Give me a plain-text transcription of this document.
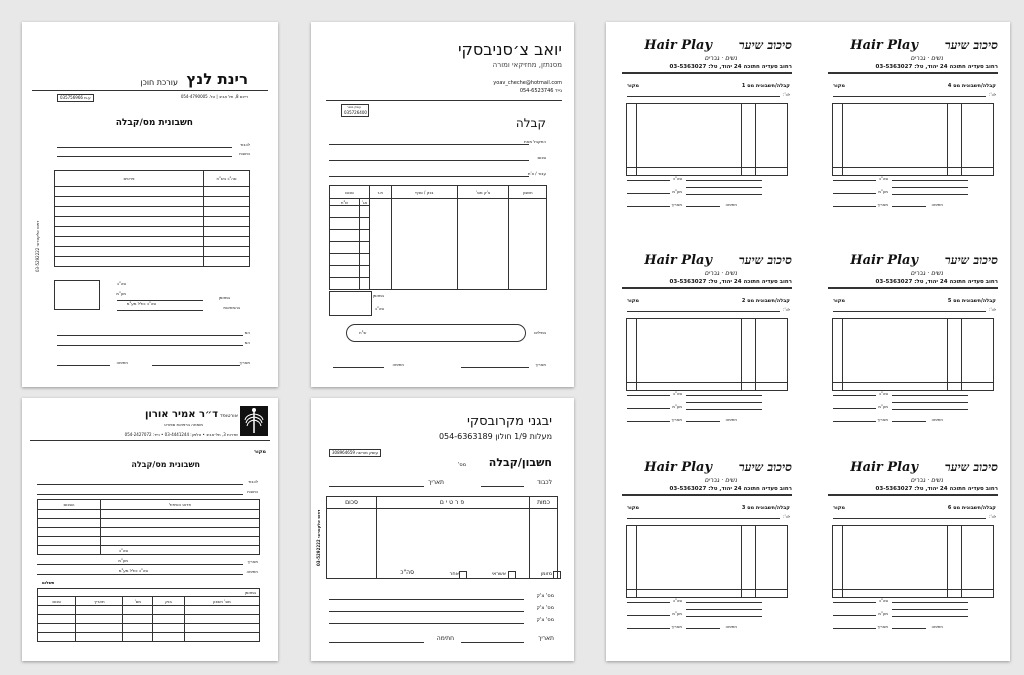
רינת לנץ
עורכת חוכן
ריינס 8, תל אביב | טל. 054-4790005
ע.מ 035756966
חשבונית מס/קבלה
לכבוד
כתובת
סה"כ בש"ח	פרטים

סה"כ
מע"מ
סה"כ כולל מע"מ
במזומן
בהמחאות
המ
המ
תאריך
חתימה
דפוס אלקטרוני 03-5292222
יואב צ׳סניבסקי
מסנתזן, מחזיקאי ומורה
yoav_cheche@hotmail.com
נייד 054-6523746
עוסק פטור
035726400
קבלה
התקבל מאת
סכום
עבור / צ'ת
חשבון	צ'ק מס'	בנק / סניף	ת.ז	סכום	
				אג'	ש"ח

במזומן
סה"כ
ש"ח	במילים
תאריך
חתימה
ד״ר אמיר אורון אורטופד
מומחה ברפואת ספורט
שדרות 3, תל-אביב • טלפון: 03-4441244 • נייד: 054-2427072
מקור
חשבונית מס/קבלה
לכבוד
כתובת
פרוט הטיפול	הסכום

סה"כ
מע"מ
סה"כ כולל מע"מ
תאריך
חתימה
תשלום
במזומן				
מס' חשבון	בנק	מס'	תאריך	סכום

יבגני מקרובסקי
מעלות 1/9 חולון 054-6363189
עוסק מורשה 308964659
חשבון/קבלה
מס'
לכבוד
תאריך
כמות	פרטים	סכום

סה"כ	מזומן
אשראי
אחר
מס' צ'ק
מס' צ'ק
מס' צ'ק
תאריך
חתימה
דפוס אלקטרוני 03-5292222
סיכוב שיער
Hair Play
נשים · גברים
רחוב סעדיה חתוכה 24 יהוד, טל: 03-5363027
קבלה/חשבונית מס 1
מקור
לכ':

סה"כ
מע"מ
תאריך	חתימה
סיכוב שיער
Hair Play
נשים · גברים
רחוב סעדיה חתוכה 24 יהוד, טל: 03-5363027
קבלה/חשבונית מס 4
מקור
לכ':

סה"כ
מע"מ
תאריך	חתימה
סיכוב שיער
Hair Play
נשים · גברים
רחוב סעדיה חתוכה 24 יהוד, טל: 03-5363027
קבלה/חשבונית מס 2
מקור
לכ':

סה"כ
מע"מ
תאריך	חתימה
סיכוב שיער
Hair Play
נשים · גברים
רחוב סעדיה חתוכה 24 יהוד, טל: 03-5363027
קבלה/חשבונית מס 5
מקור
לכ':

סה"כ
מע"מ
תאריך	חתימה
סיכוב שיער
Hair Play
נשים · גברים
רחוב סעדיה חתוכה 24 יהוד, טל: 03-5363027
קבלה/חשבונית מס 3
מקור
לכ':

סה"כ
מע"מ
תאריך	חתימה
סיכוב שיער
Hair Play
נשים · גברים
רחוב סעדיה חתוכה 24 יהוד, טל: 03-5363027
קבלה/חשבונית מס 6
מקור
לכ':

סה"כ
מע"מ
תאריך	חתימה
